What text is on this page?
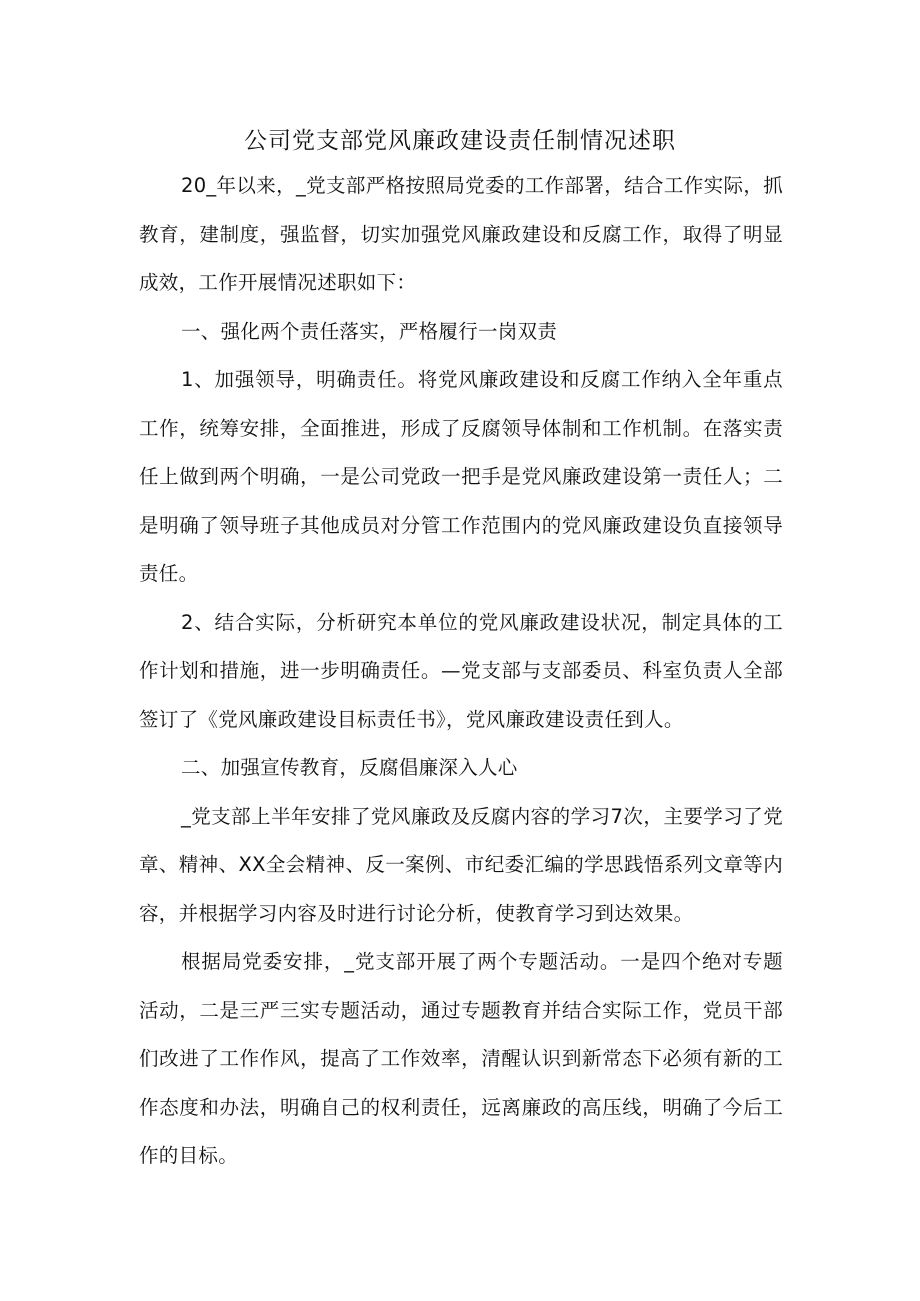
公司党支部党风廉政建设责任制情况述职

20_年以来，_党支部严格按照局党委的工作部署，结合工作实际，抓教育，建制度，强监督，切实加强党风廉政建设和反腐工作，取得了明显成效，工作开展情况述职如下：

一、强化两个责任落实，严格履行一岗双责

1、加强领导，明确责任。将党风廉政建设和反腐工作纳入全年重点工作，统筹安排，全面推进，形成了反腐领导体制和工作机制。在落实责任上做到两个明确，一是公司党政一把手是党风廉政建设第一责任人；二是明确了领导班子其他成员对分管工作范围内的党风廉政建设负直接领导责任。

2、结合实际，分析研究本单位的党风廉政建设状况，制定具体的工作计划和措施，进一步明确责任。—党支部与支部委员、科室负责人全部签订了《党风廉政建设目标责任书》，党风廉政建设责任到人。

二、加强宣传教育，反腐倡廉深入人心

_党支部上半年安排了党风廉政及反腐内容的学习7次，主要学习了党章、精神、XX全会精神、反一案例、市纪委汇编的学思践悟系列文章等内容，并根据学习内容及时进行讨论分析，使教育学习到达效果。

根据局党委安排，_党支部开展了两个专题活动。一是四个绝对专题活动，二是三严三实专题活动，通过专题教育并结合实际工作，党员干部们改进了工作作风，提高了工作效率，清醒认识到新常态下必须有新的工作态度和办法，明确自己的权利责任，远离廉政的高压线，明确了今后工作的目标。
